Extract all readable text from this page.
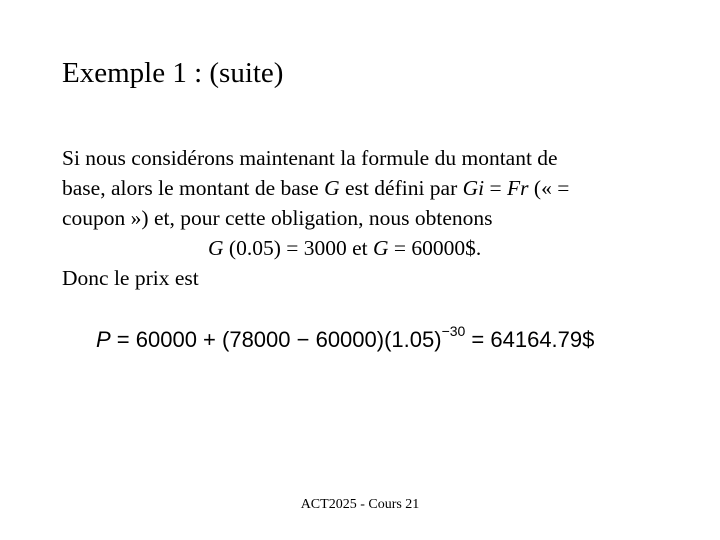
Exemple 1 : (suite)
Si nous considérons maintenant la formule du montant de
base, alors le montant de base G est défini par Gi = Fr (« =
coupon ») et, pour cette obligation, nous obtenons
G (0.05) = 3000 et G = 60000$.
Donc le prix est
$P = 60000 + (78000 - 60000)(1.05)^{-30}$ = 64164.79$
ACT2025 - Cours 21
